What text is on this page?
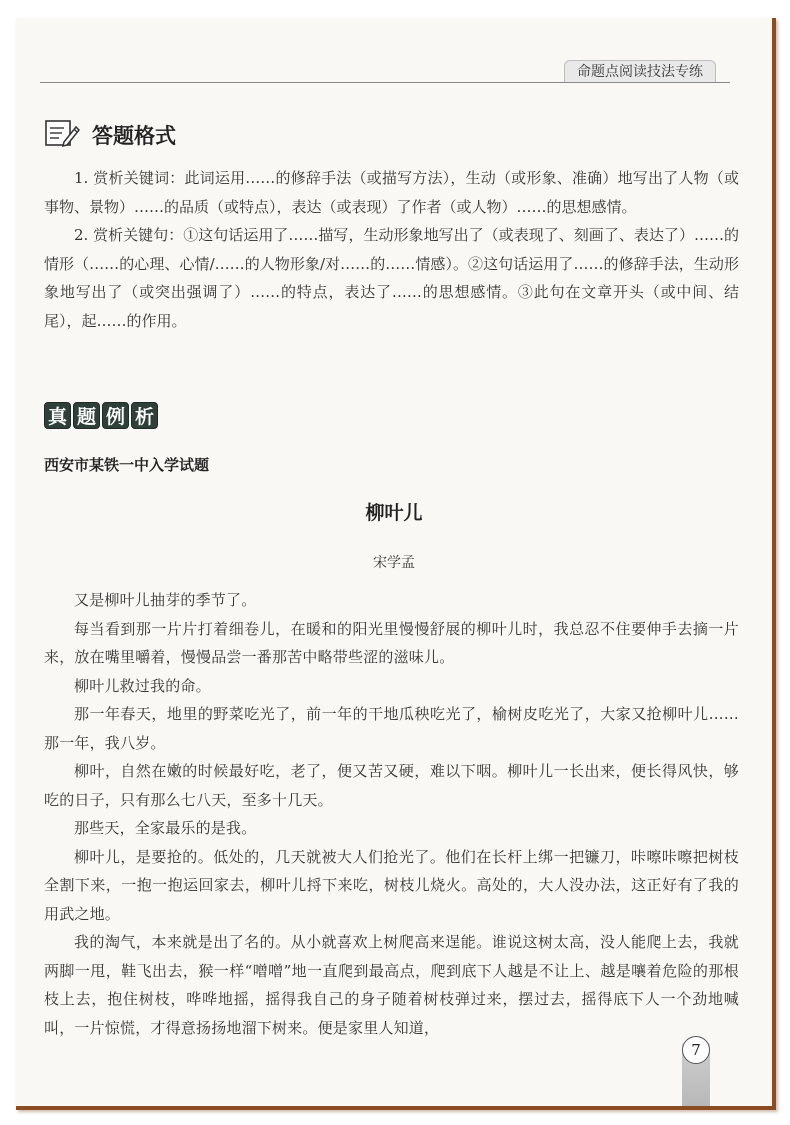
命题点阅读技法专练
答题格式

1. 赏析关键词：此词运用……的修辞手法（或描写方法），生动（或形象、准确）地写出了人物（或事物、景物）……的品质（或特点），表达（或表现）了作者（或人物）……的思想感情。

2. 赏析关键句：①这句话运用了……描写，生动形象地写出了（或表现了、刻画了、表达了）……的情形（……的心理、心情/……的人物形象/对……的……情感）。②这句话运用了……的修辞手法，生动形象地写出了（或突出强调了）……的特点，表达了……的思想感情。③此句在文章开头（或中间、结尾），起……的作用。

真 题 例 析
西安市某铁一中入学试题
柳叶儿
宋学孟

又是柳叶儿抽芽的季节了。

每当看到那一片片打着细卷儿，在暖和的阳光里慢慢舒展的柳叶儿时，我总忍不住要伸手去摘一片来，放在嘴里嚼着，慢慢品尝一番那苦中略带些涩的滋味儿。

柳叶儿救过我的命。

那一年春天，地里的野菜吃光了，前一年的干地瓜秧吃光了，榆树皮吃光了，大家又抢柳叶儿……那一年，我八岁。

柳叶，自然在嫩的时候最好吃，老了，便又苦又硬，难以下咽。柳叶儿一长出来，便长得风快，够吃的日子，只有那么七八天，至多十几天。

那些天，全家最乐的是我。

柳叶儿，是要抢的。低处的，几天就被大人们抢光了。他们在长杆上绑一把镰刀，咔嚓咔嚓把树枝全割下来，一抱一抱运回家去，柳叶儿捋下来吃，树枝儿烧火。高处的，大人没办法，这正好有了我的用武之地。

我的淘气，本来就是出了名的。从小就喜欢上树爬高来逞能。谁说这树太高，没人能爬上去，我就两脚一甩，鞋飞出去，猴一样“噌噌”地一直爬到最高点，爬到底下人越是不让上、越是嚷着危险的那根枝上去，抱住树枝，哗哗地摇，摇得我自己的身子随着树枝弹过来，摆过去，摇得底下人一个劲地喊叫，一片惊慌，才得意扬扬地溜下树来。便是家里人知道，

7
